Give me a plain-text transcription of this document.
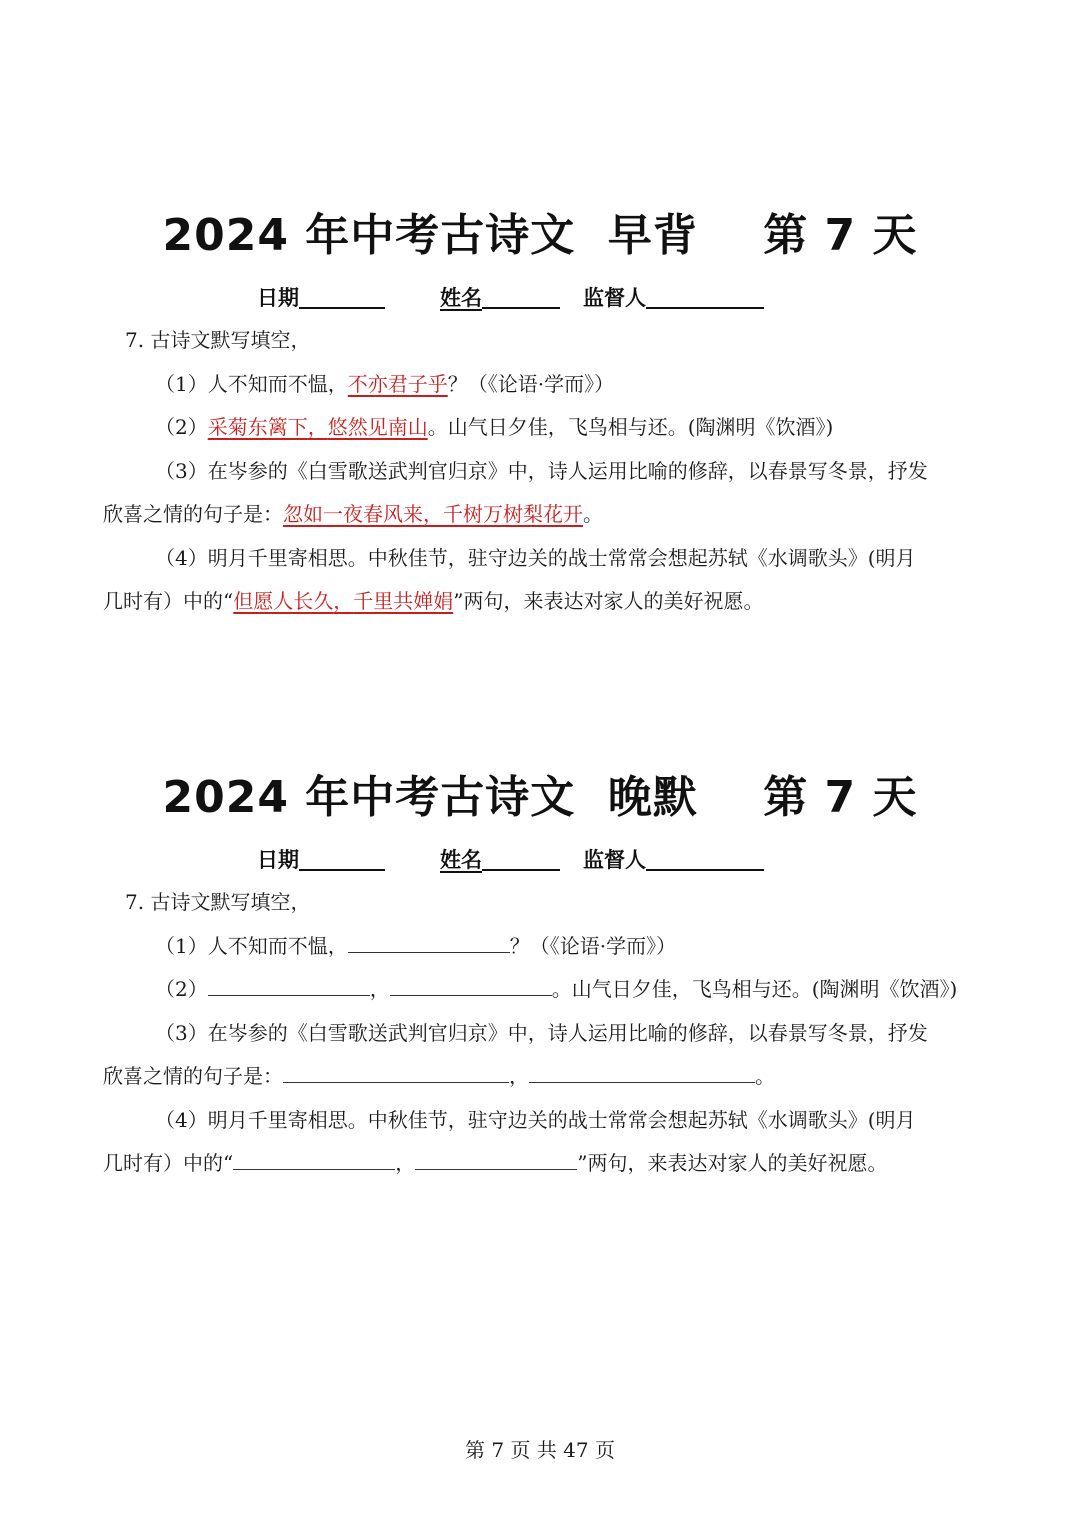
2024 年中考古诗文  早背    第 7 天
日期	姓名	监督人

7. 古诗文默写填空，

（1）人不知而不愠，不亦君子乎？（《论语·学而》）

（2）采菊东篱下，悠然见南山。山气日夕佳，飞鸟相与还。(陶渊明《饮酒》)

（3）在岑参的《白雪歌送武判官归京》中，诗人运用比喻的修辞，以春景写冬景，抒发

欣喜之情的句子是：忽如一夜春风来，千树万树梨花开。

（4）明月千里寄相思。中秋佳节，驻守边关的战士常常会想起苏轼《水调歌头》(明月

几时有）中的“但愿人长久，千里共婵娟”两句，来表达对家人的美好祝愿。

2024 年中考古诗文  晚默    第 7 天
日期	姓名	监督人

7. 古诗文默写填空，

（1）人不知而不愠，	？（《论语·学而》）

（2）	，	。山气日夕佳，飞鸟相与还。(陶渊明《饮酒》)

（3）在岑参的《白雪歌送武判官归京》中，诗人运用比喻的修辞，以春景写冬景，抒发

欣喜之情的句子是：	，	。

（4）明月千里寄相思。中秋佳节，驻守边关的战士常常会想起苏轼《水调歌头》(明月

几时有）中的“	，	”两句，来表达对家人的美好祝愿。

第 7 页 共 47 页
